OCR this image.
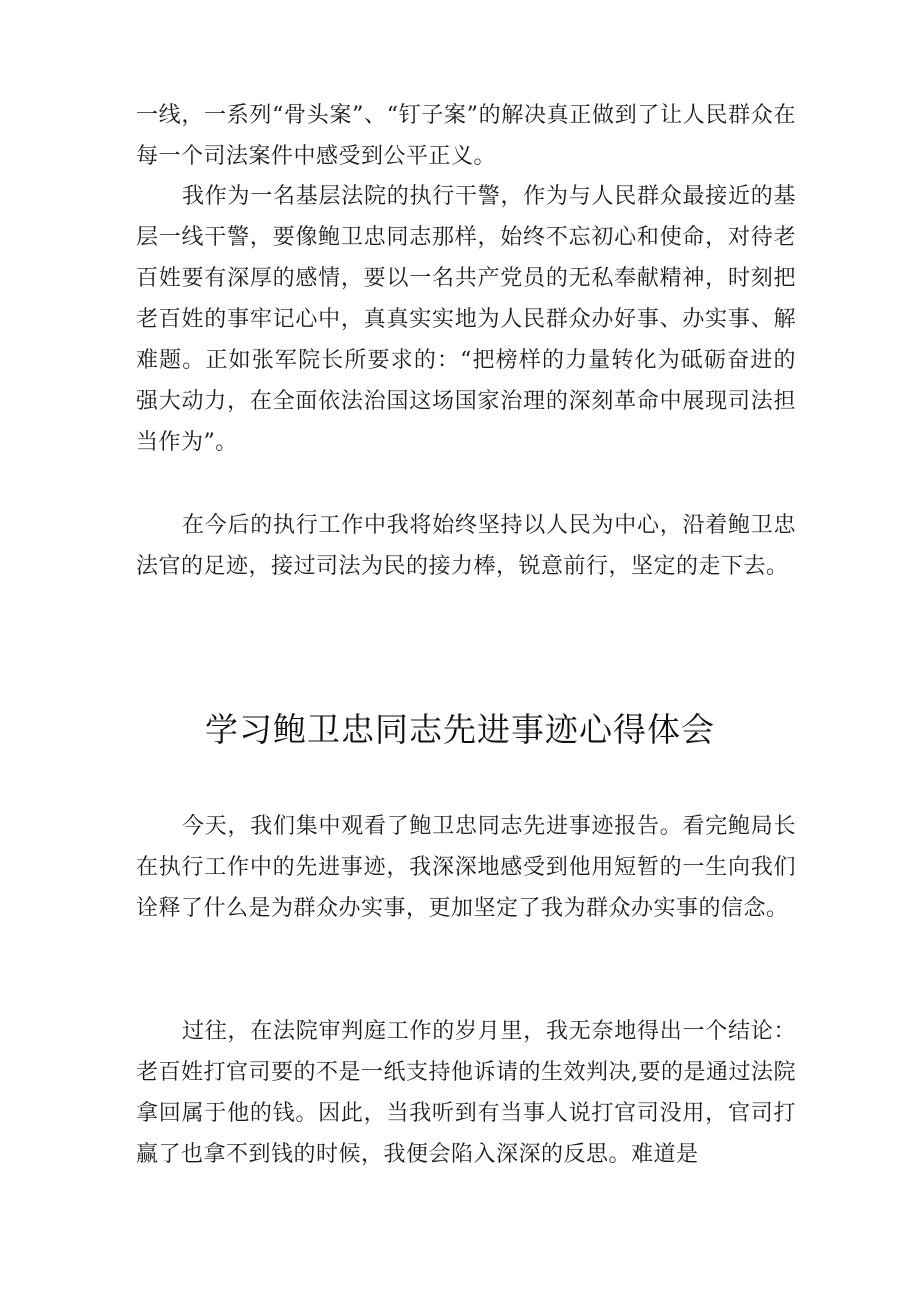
一线，一系列“骨头案”、“钉子案”的解决真正做到了让人民群众在每一个司法案件中感受到公平正义。

我作为一名基层法院的执行干警，作为与人民群众最接近的基层一线干警，要像鲍卫忠同志那样，始终不忘初心和使命，对待老百姓要有深厚的感情，要以一名共产党员的无私奉献精神，时刻把老百姓的事牢记心中，真真实实地为人民群众办好事、办实事、解难题。正如张军院长所要求的：“把榜样的力量转化为砥砺奋进的强大动力，在全面依法治国这场国家治理的深刻革命中展现司法担当作为”。

在今后的执行工作中我将始终坚持以人民为中心，沿着鲍卫忠法官的足迹，接过司法为民的接力棒，锐意前行，坚定的走下去。

学习鲍卫忠同志先进事迹心得体会

今天，我们集中观看了鲍卫忠同志先进事迹报告。看完鲍局长在执行工作中的先进事迹，我深深地感受到他用短暂的一生向我们诠释了什么是为群众办实事，更加坚定了我为群众办实事的信念。

过往，在法院审判庭工作的岁月里，我无奈地得出一个结论：老百姓打官司要的不是一纸支持他诉请的生效判决,要的是通过法院拿回属于他的钱。因此，当我听到有当事人说打官司没用，官司打赢了也拿不到钱的时候，我便会陷入深深的反思。难道是
